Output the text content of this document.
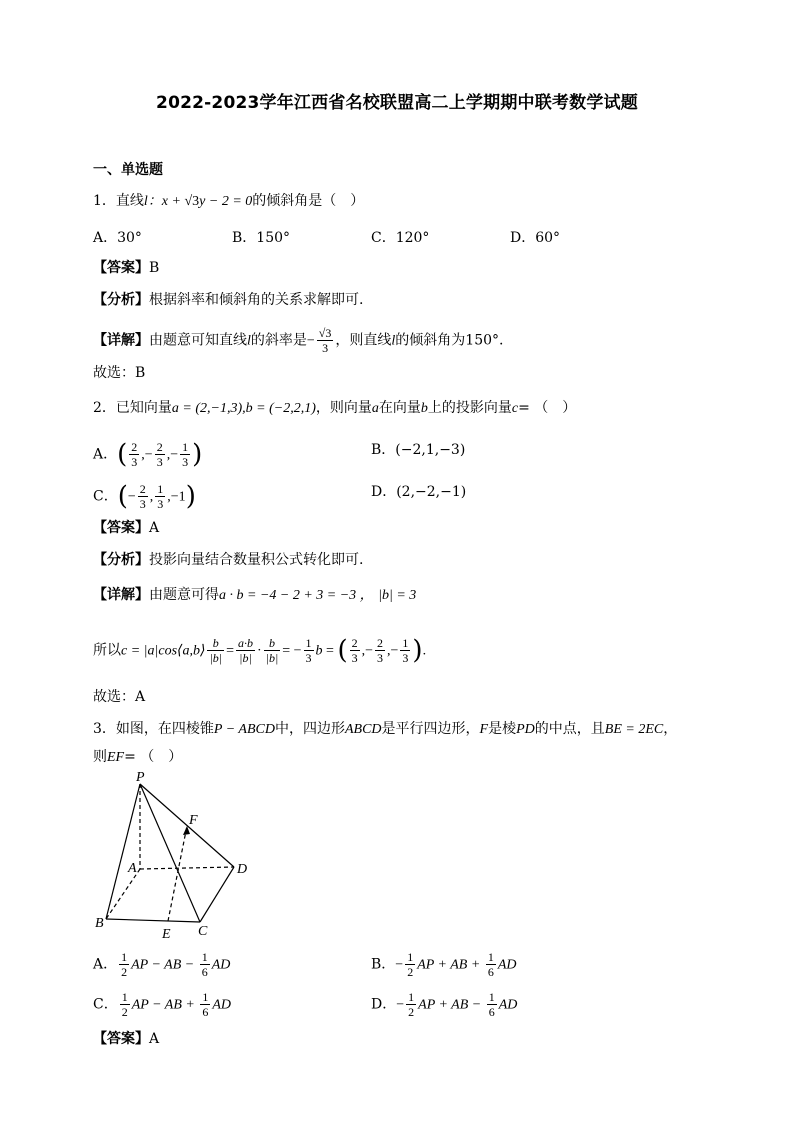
2022-2023学年江西省名校联盟高二上学期期中联考数学试题
一、单选题
1．直线l：x + √3y − 2 = 0的倾斜角是（　）
A．30°	B．150°	C．120°	D．60°
【答案】B
【分析】根据斜率和倾斜角的关系求解即可.
【详解】由题意可知直线l的斜率是− $\frac{√3}{3}$ ，则直线l的倾斜角为150°.
故选：B
2．已知向量a = (2,−1,3),b = (−2,2,1)，则向量a在向量b上的投影向量c= （　）
A．( $\frac{2}{3}$ ,− $\frac{2}{3}$ ,− $\frac{1}{3}$ )	B．(−2,1,−3)
C．(− $\frac{2}{3}$ , $\frac{1}{3} ,-1$)	D．(2,−2,−1)
【答案】A
【分析】投影向量结合数量积公式转化即可.
【详解】由题意可得a · b = −4 − 2 + 3 = −3 ， |b| = 3
所以c = |a|cos⟨a,b⟩ $\frac{b}{|b|} = \frac{a\cdot b}{|b|} \cdot \frac{b}{|b|}$ = − $\frac{1}{3}$ b = ( $\frac{2}{3}$ ,− $\frac{2}{3}$ ,− $\frac{1}{3}$ ).
故选：A
3．如图，在四棱锥P − ABCD中，四边形ABCD是平行四边形，F是棱PD的中点，且BE = 2EC，
则EF= （　）
P
F
A	D
B
E C
A． $\frac{1}{2}$ AP − AB − $\frac{1}{6}$ AD	B．− $\frac{1}{2}$ AP + AB + $\frac{1}{6}$ AD
C． $\frac{1}{2}$ AP − AB + $\frac{1}{6}$ AD	D．− $\frac{1}{2}$ AP + AB − $\frac{1}{6}$ AD
【答案】A
